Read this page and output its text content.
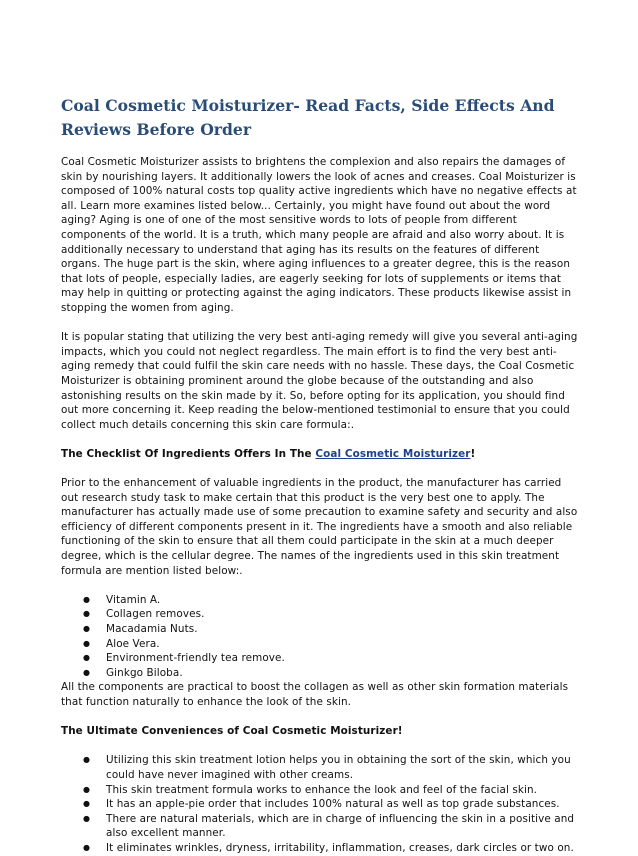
Coal Cosmetic Moisturizer- Read Facts, Side Effects And Reviews Before Order

Coal Cosmetic Moisturizer assists to brightens the complexion and also repairs the damages of skin by nourishing layers. It additionally lowers the look of acnes and creases. Coal Moisturizer is composed of 100% natural costs top quality active ingredients which have no negative effects at all. Learn more examines listed below... Certainly, you might have found out about the word aging? Aging is one of one of the most sensitive words to lots of people from different components of the world. It is a truth, which many people are afraid and also worry about. It is additionally necessary to understand that aging has its results on the features of different organs. The huge part is the skin, where aging influences to a greater degree, this is the reason that lots of people, especially ladies, are eagerly seeking for lots of supplements or items that may help in quitting or protecting against the aging indicators. These products likewise assist in stopping the women from aging.

It is popular stating that utilizing the very best anti-aging remedy will give you several anti-aging impacts, which you could not neglect regardless. The main effort is to find the very best anti-aging remedy that could fulfil the skin care needs with no hassle. These days, the Coal Cosmetic Moisturizer is obtaining prominent around the globe because of the outstanding and also astonishing results on the skin made by it. So, before opting for its application, you should find out more concerning it. Keep reading the below-mentioned testimonial to ensure that you could collect much details concerning this skin care formula:.

The Checklist Of Ingredients Offers In The Coal Cosmetic Moisturizer!

Prior to the enhancement of valuable ingredients in the product, the manufacturer has carried out research study task to make certain that this product is the very best one to apply. The manufacturer has actually made use of some precaution to examine safety and security and also efficiency of different components present in it. The ingredients have a smooth and also reliable functioning of the skin to ensure that all them could participate in the skin at a much deeper degree, which is the cellular degree. The names of the ingredients used in this skin treatment formula are mention listed below:.

● Vitamin A.
● Collagen removes.
● Macadamia Nuts.
● Aloe Vera.
● Environment-friendly tea remove.
● Ginkgo Biloba.

All the components are practical to boost the collagen as well as other skin formation materials that function naturally to enhance the look of the skin.

The Ultimate Conveniences of Coal Cosmetic Moisturizer!
● Utilizing this skin treatment lotion helps you in obtaining the sort of the skin, which you could have never imagined with other creams.
● This skin treatment formula works to enhance the look and feel of the facial skin.
● It has an apple-pie order that includes 100% natural as well as top grade substances.
● There are natural materials, which are in charge of influencing the skin in a positive and also excellent manner.
● It eliminates wrinkles, dryness, irritability, inflammation, creases, dark circles or two on.
